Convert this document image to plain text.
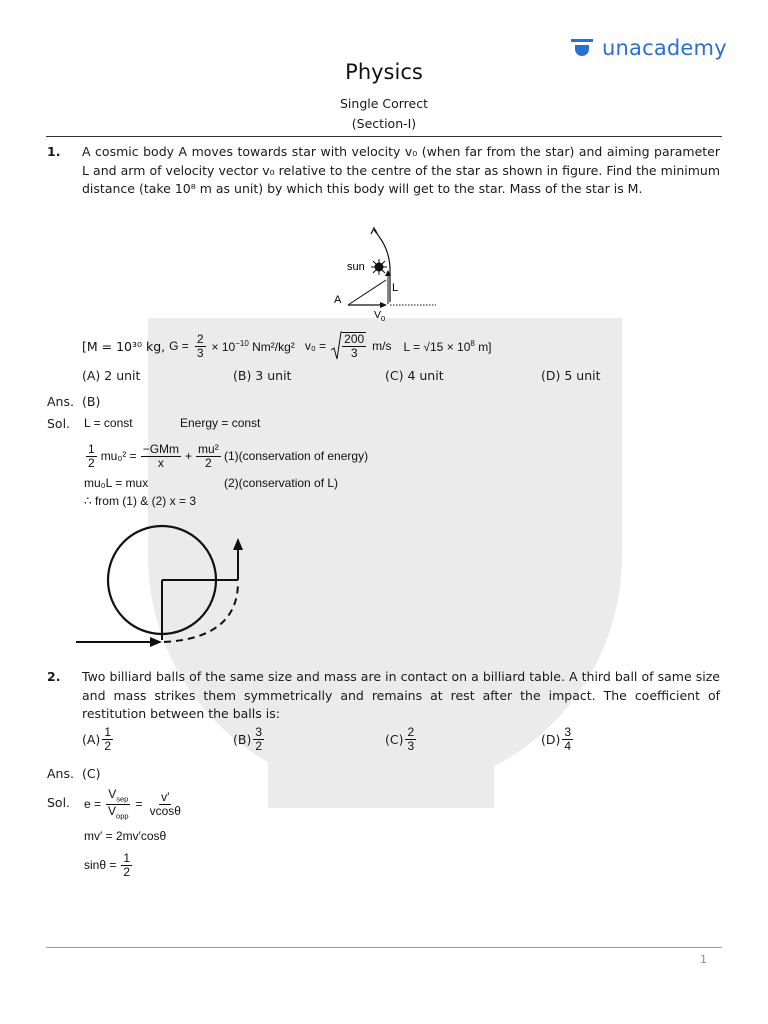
unacademy
Physics
Single Correct
(Section-I)
1. A cosmic body A moves towards star with velocity v₀ (when far from the star) and aiming parameter L and arm of velocity vector v₀ relative to the centre of the star as shown in figure. Find the minimum distance (take 10⁸ m as unit) by which this body will get to the star. Mass of the star is M.
sun
L
A
$V_0$
[M = 10³⁰ kg, $G = \frac{2}{3} \times 10^{-10}$ Nm²/kg² $v_0 = \frac{200}{3} m/s$ $L = √15 \times 10^8$ m]
(A) 2 unit	(B) 3 unit	(C) 4 unit	(D) 5 unit
Ans. (B)
Sol. L = const	Energy = const
$\frac{1}{2} mu_0^2 = \frac{\text{−GMm}}{x} + \frac{\text{mu²}}{2}$ (1)(conservation of energy)
mu₀L = mux	(2)(conservation of L)
∴ from (1) & (2) x = 3
2. Two billiard balls of the same size and mass are in contact on a billiard table. A third ball of same size and mass strikes them symmetrically and remains at rest after the impact. The coefficient of restitution between the balls is:
$(A) \frac{1}{2}$	$(B) \frac{3}{2}$	$(C) \frac{2}{3}$	$(D) \frac{3}{4}$
Ans. (C)
Sol. $e = \frac{V_{sep}}{V_{opp}} = \frac{v'}{vcos\theta}$
mv′ = 2mv′cosθ
$\sin\theta = \frac{1}{2}$
1
